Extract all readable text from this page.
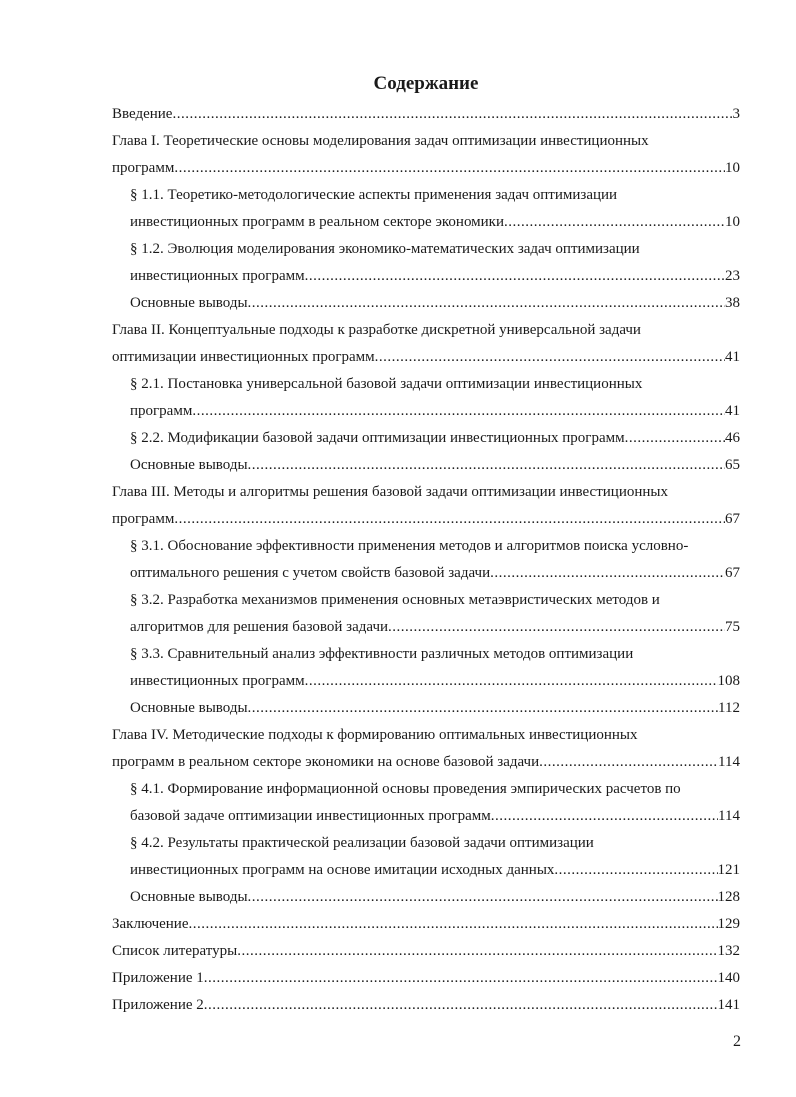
Содержание
Введение .....	3
Глава I. Теоретические основы моделирования задач оптимизации инвестиционных
программ .....	10
§ 1.1. Теоретико-методологические аспекты применения задач оптимизации
инвестиционных программ в реальном секторе экономики .....	10
§ 1.2. Эволюция моделирования экономико-математических задач оптимизации
инвестиционных программ .....	23
Основные выводы .....	38
Глава II. Концептуальные подходы к разработке дискретной универсальной задачи
оптимизации инвестиционных программ .....	41
§ 2.1. Постановка универсальной базовой задачи оптимизации инвестиционных
программ .....	41
§ 2.2. Модификации базовой задачи оптимизации инвестиционных программ .....	46
Основные выводы .....	65
Глава III. Методы и алгоритмы решения базовой задачи оптимизации инвестиционных
программ .....	67
§ 3.1. Обоснование эффективности применения методов и алгоритмов поиска условно-
оптимального решения с учетом свойств базовой задачи .....	67
§ 3.2. Разработка механизмов применения основных метаэвристических методов и
алгоритмов для решения базовой задачи .....	75
§ 3.3. Сравнительный анализ эффективности различных методов оптимизации
инвестиционных программ .....	108
Основные выводы .....	112
Глава IV. Методические подходы к формированию оптимальных инвестиционных
программ в реальном секторе экономики на основе базовой задачи .....	114
§ 4.1. Формирование информационной основы проведения эмпирических расчетов по
базовой задаче оптимизации инвестиционных программ .....	114
§ 4.2. Результаты практической реализации базовой задачи оптимизации
инвестиционных программ на основе имитации исходных данных .....	121
Основные выводы .....	128
Заключение .....	129
Список литературы .....	132
Приложение 1 .....	140
Приложение 2 .....	141
2
